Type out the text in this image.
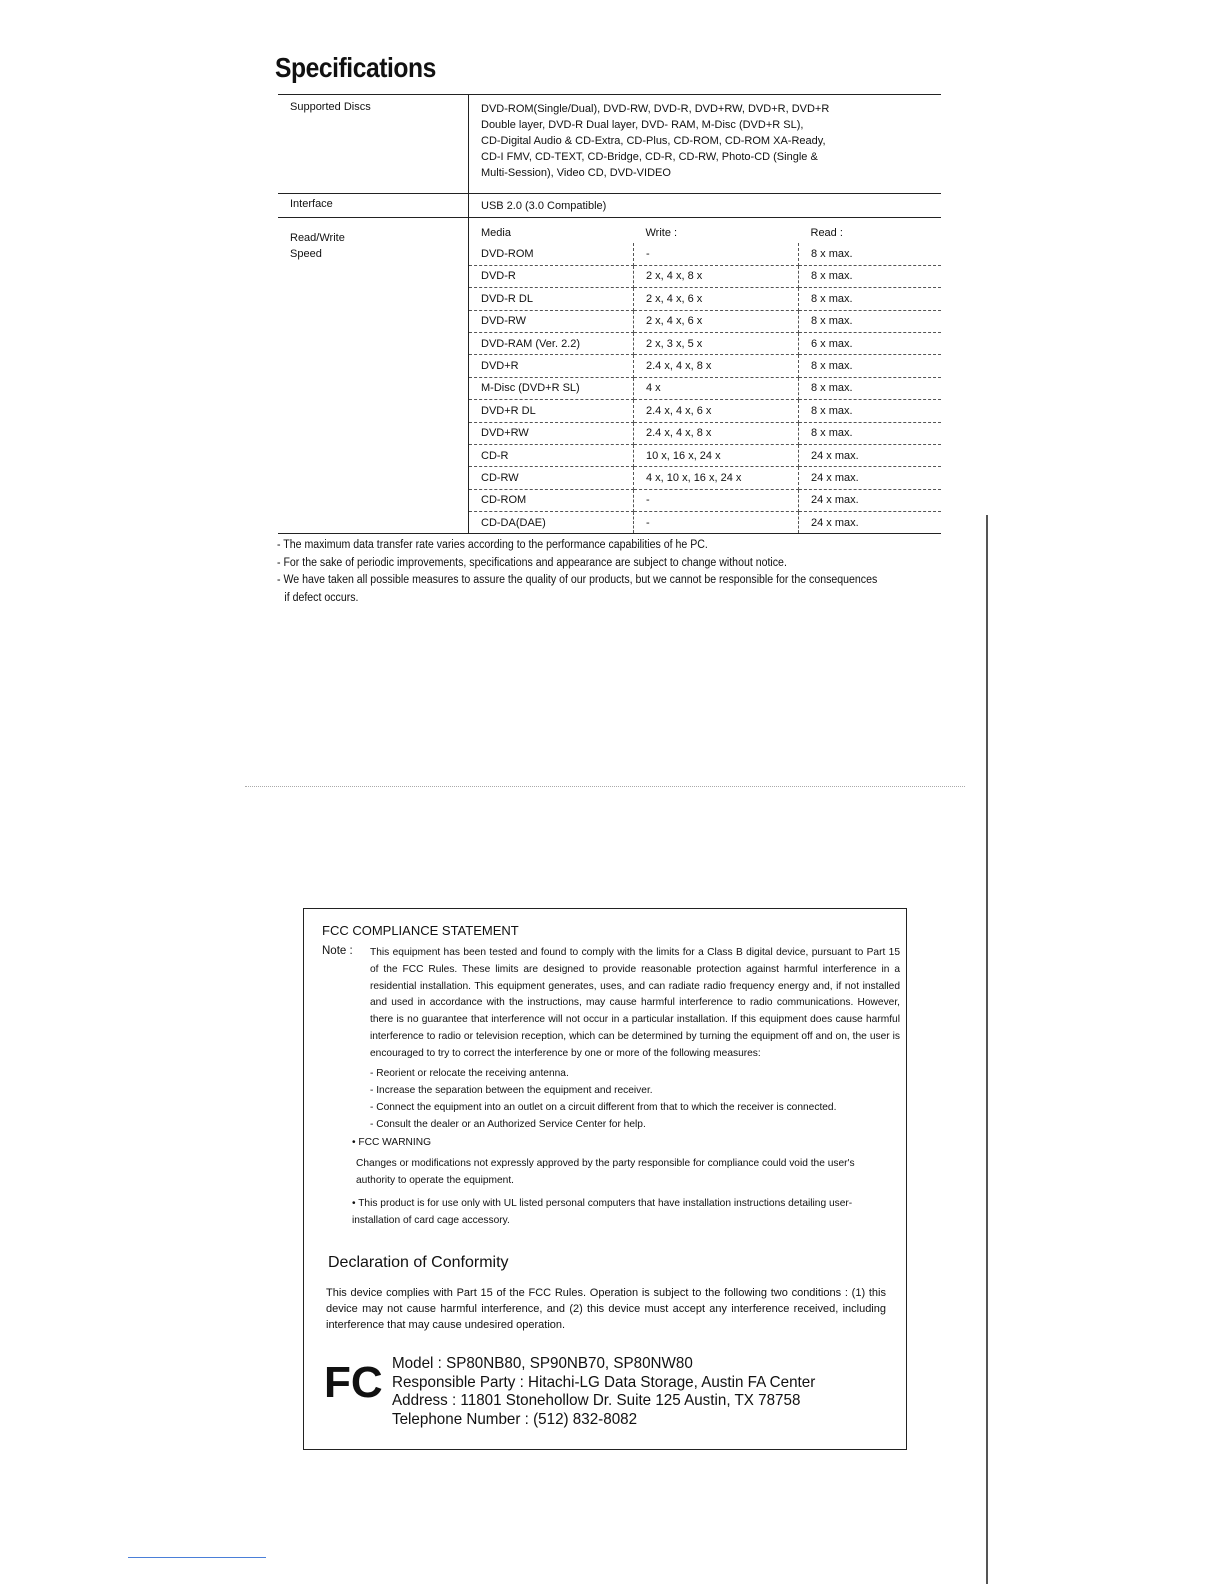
Specifications
Supported Discs	DVD-ROM(Single/Dual), DVD-RW, DVD-R, DVD+RW, DVD+R, DVD+R
Double layer, DVD-R Dual layer, DVD- RAM, M-Disc (DVD+R SL),
CD-Digital Audio & CD-Extra, CD-Plus, CD-ROM, CD-ROM XA-Ready,
CD-I FMV, CD-TEXT, CD-Bridge, CD-R, CD-RW, Photo-CD (Single &
Multi-Session), Video CD, DVD-VIDEO

Interface	USB 2.0 (3.0 Compatible)

Read/Write
Speed

Media	Write :	Read :
DVD-ROM	-	8 x max.
DVD-R	2 x, 4 x, 8 x	8 x max.
DVD-R DL	2 x, 4 x, 6 x	8 x max.
DVD-RW	2 x, 4 x, 6 x	8 x max.
DVD-RAM (Ver. 2.2)	2 x, 3 x, 5 x	6 x max.
DVD+R	2.4 x, 4 x, 8 x	8 x max.
M-Disc (DVD+R SL)	4 x	8 x max.
DVD+R DL	2.4 x, 4 x, 6 x	8 x max.
DVD+RW	2.4 x, 4 x, 8 x	8 x max.
CD-R	10 x, 16 x, 24 x	24 x max.
CD-RW	4 x, 10 x, 16 x, 24 x	24 x max.
CD-ROM	-	24 x max.
CD-DA(DAE)	-	24 x max.
- The maximum data transfer rate varies according to the performance capabilities of he PC.
- For the sake of periodic improvements, specifications and appearance are subject to change without notice.
- We have taken all possible measures to assure the quality of our products, but we cannot be responsible for the consequences
if defect occurs.
FCC COMPLIANCE STATEMENT
Note : This equipment has been tested and found to comply with the limits for a Class B digital device, pursuant to Part 15 of the FCC Rules. These limits are designed to provide reasonable protection against harmful interference in a residential installation. This equipment generates, uses, and can radiate radio frequency energy and, if not installed and used in accordance with the instructions, may cause harmful interference to radio communications. However, there is no guarantee that interference will not occur in a particular installation. If this equipment does cause harmful interference to radio or television reception, which can be determined by turning the equipment off and on, the user is encouraged to try to correct the interference by one or more of the following measures:
- Reorient or relocate the receiving antenna.
- Increase the separation between the equipment and receiver.
- Connect the equipment into an outlet on a circuit different from that to which the receiver is connected.
- Consult the dealer or an Authorized Service Center for help.
• FCC WARNING
Changes or modifications not expressly approved by the party responsible for compliance could void the user's authority to operate the equipment.
• This product is for use only with UL listed personal computers that have installation instructions detailing user-installation of card cage accessory.
Declaration of Conformity
This device complies with Part 15 of the FCC Rules. Operation is subject to the following two conditions : (1) this device may not cause harmful interference, and (2) this device must accept any interference received, including interference that may cause undesired operation.
FC Model : SP80NB80, SP90NB70, SP80NW80
Responsible Party : Hitachi-LG Data Storage, Austin FA Center
Address : 11801 Stonehollow Dr. Suite 125 Austin, TX 78758
Telephone Number : (512) 832-8082
